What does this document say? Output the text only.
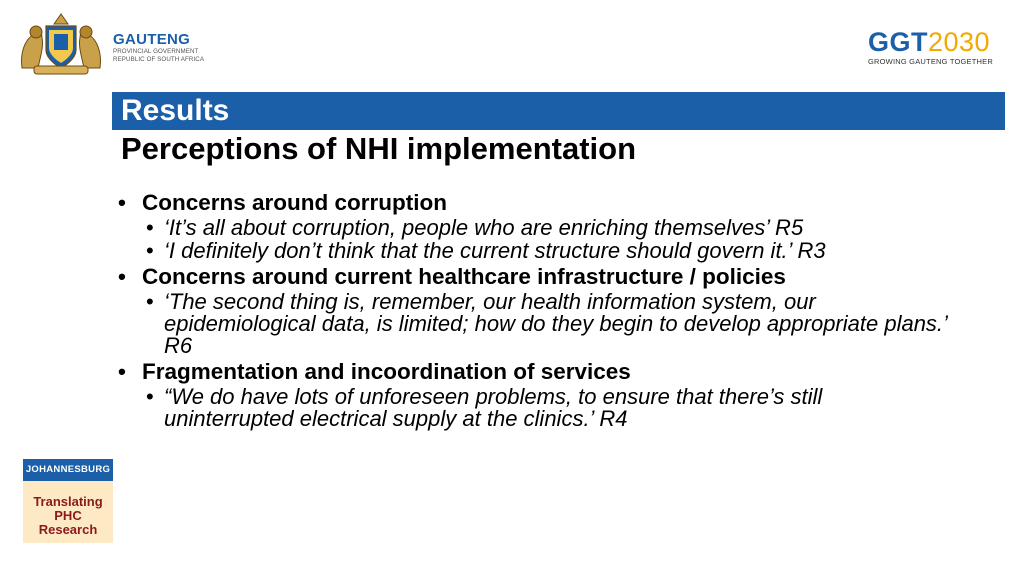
GAUTENG
PROVINCIAL GOVERNMENT
REPUBLIC OF SOUTH AFRICA
GGT2030
GROWING GAUTENG TOGETHER
Results
Perceptions of NHI implementation
• Concerns around corruption
• ‘It’s all about corruption, people who are enriching themselves’ R5
• ‘I definitely don’t think that the current structure should govern it.’ R3
• Concerns around current healthcare infrastructure / policies
• ‘The second thing is, remember, our health information system, our epidemiological data, is limited; how do they begin to develop appropriate plans.’ R6
• Fragmentation and incoordination of services
• “We do have lots of unforeseen problems, to ensure that there’s still uninterrupted electrical supply at the clinics.’ R4
JOHANNESBURG
Translating
PHC
Research
